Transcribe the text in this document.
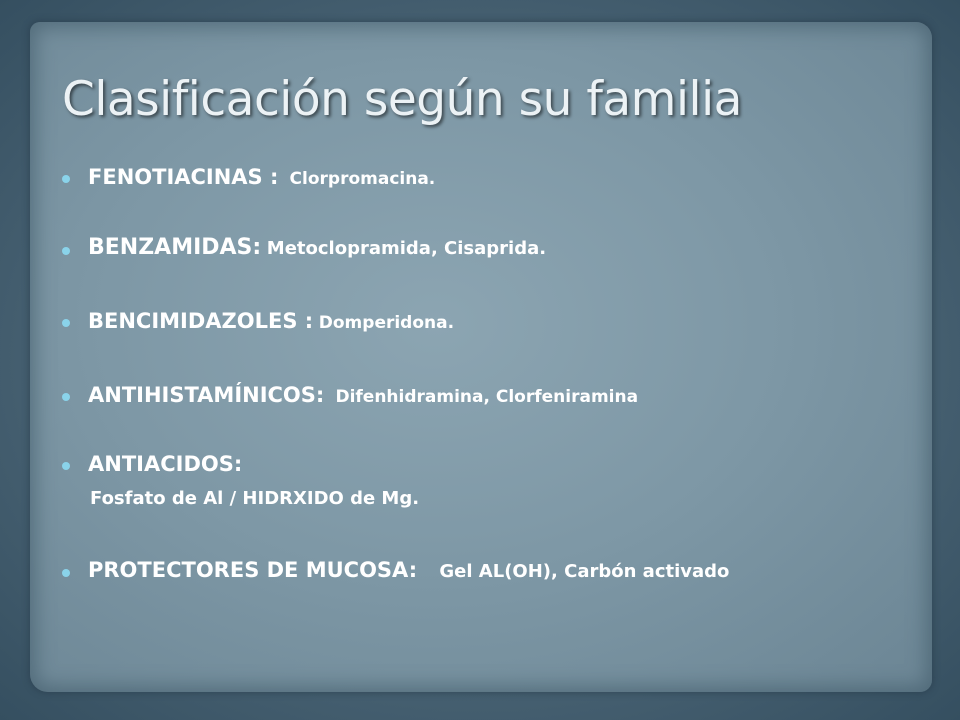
Clasificación según su familia
FENOTIACINAS : Clorpromacina.
BENZAMIDAS: Metoclopramida, Cisaprida.
BENCIMIDAZOLES : Domperidona.
ANTIHISTAMÍNICOS: Difenhidramina, Clorfeniramina
ANTIACIDOS:
Fosfato de Al / HIDRXIDO de Mg.
PROTECTORES DE MUCOSA: Gel AL(OH), Carbón activado
